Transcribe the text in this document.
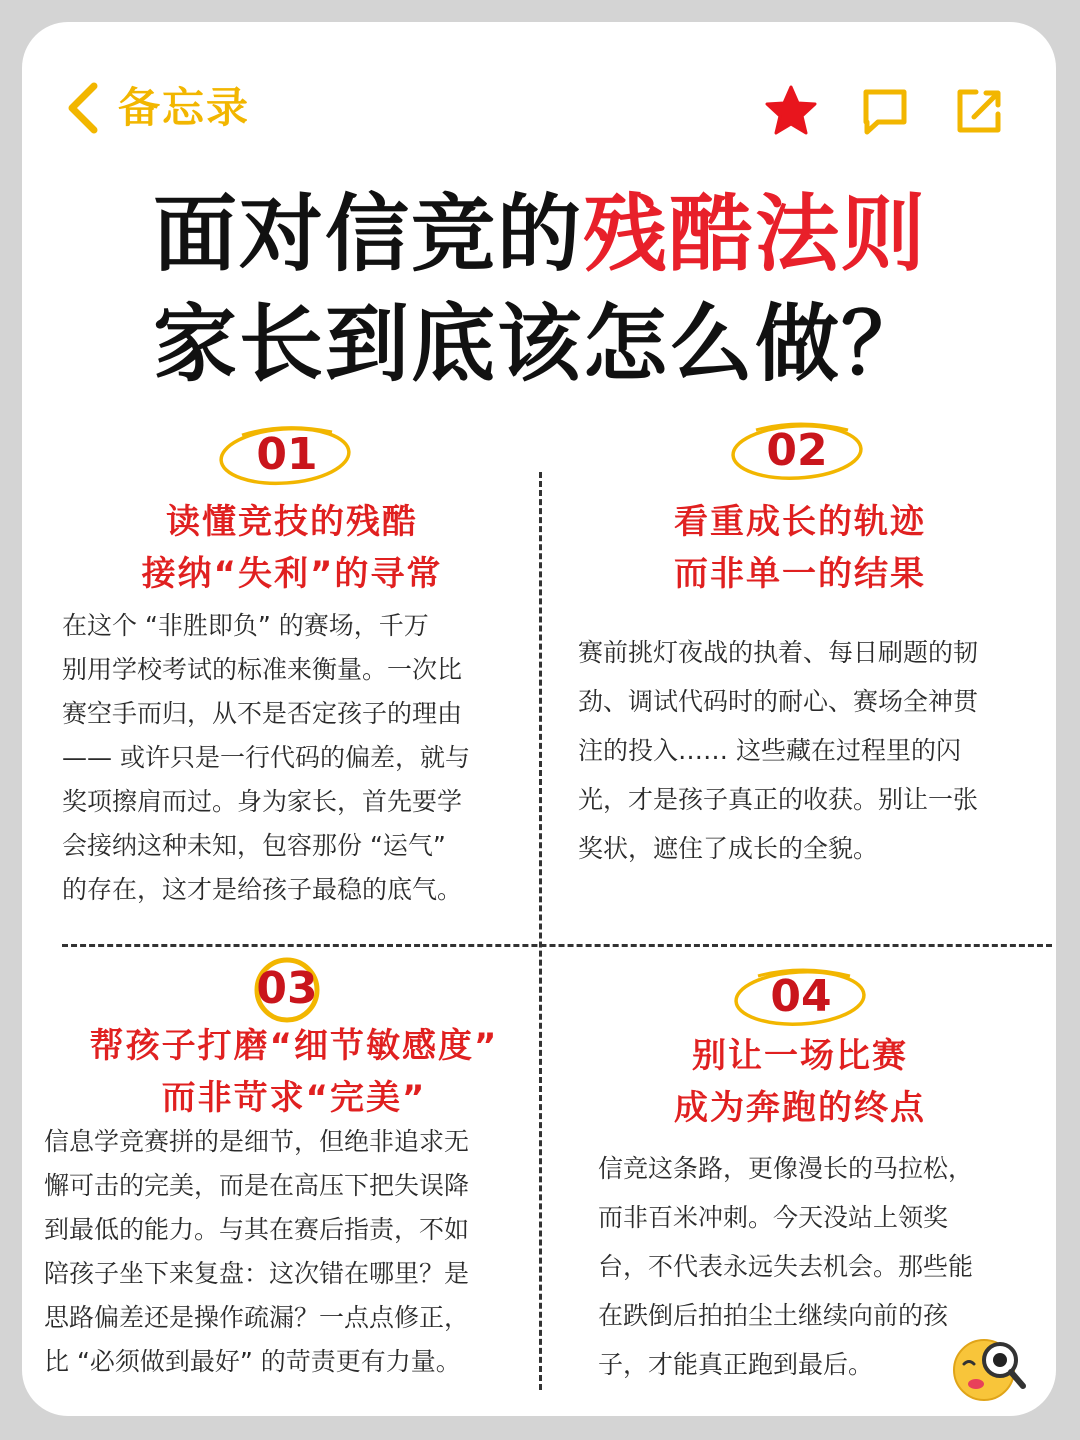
备忘录
面对信竞的残酷法则
家长到底该怎么做？
01
读懂竞技的残酷
接纳“失利”的寻常
在这个 “非胜即负” 的赛场，千万
别用学校考试的标准来衡量。一次比
赛空手而归，从不是否定孩子的理由
—— 或许只是一行代码的偏差，就与
奖项擦肩而过。身为家长，首先要学
会接纳这种未知，包容那份 “运气”
的存在，这才是给孩子最稳的底气。
02
看重成长的轨迹
而非单一的结果
赛前挑灯夜战的执着、每日刷题的韧
劲、调试代码时的耐心、赛场全神贯
注的投入…… 这些藏在过程里的闪
光，才是孩子真正的收获。别让一张
奖状，遮住了成长的全貌。
03
帮孩子打磨“细节敏感度”
而非苛求“完美”
信息学竞赛拼的是细节，但绝非追求无
懈可击的完美，而是在高压下把失误降
到最低的能力。与其在赛后指责，不如
陪孩子坐下来复盘：这次错在哪里？是
思路偏差还是操作疏漏？一点点修正，
比 “必须做到最好” 的苛责更有力量。
04
别让一场比赛
成为奔跑的终点
信竞这条路，更像漫长的马拉松，
而非百米冲刺。今天没站上领奖
台，不代表永远失去机会。那些能
在跌倒后拍拍尘土继续向前的孩
子，才能真正跑到最后。
